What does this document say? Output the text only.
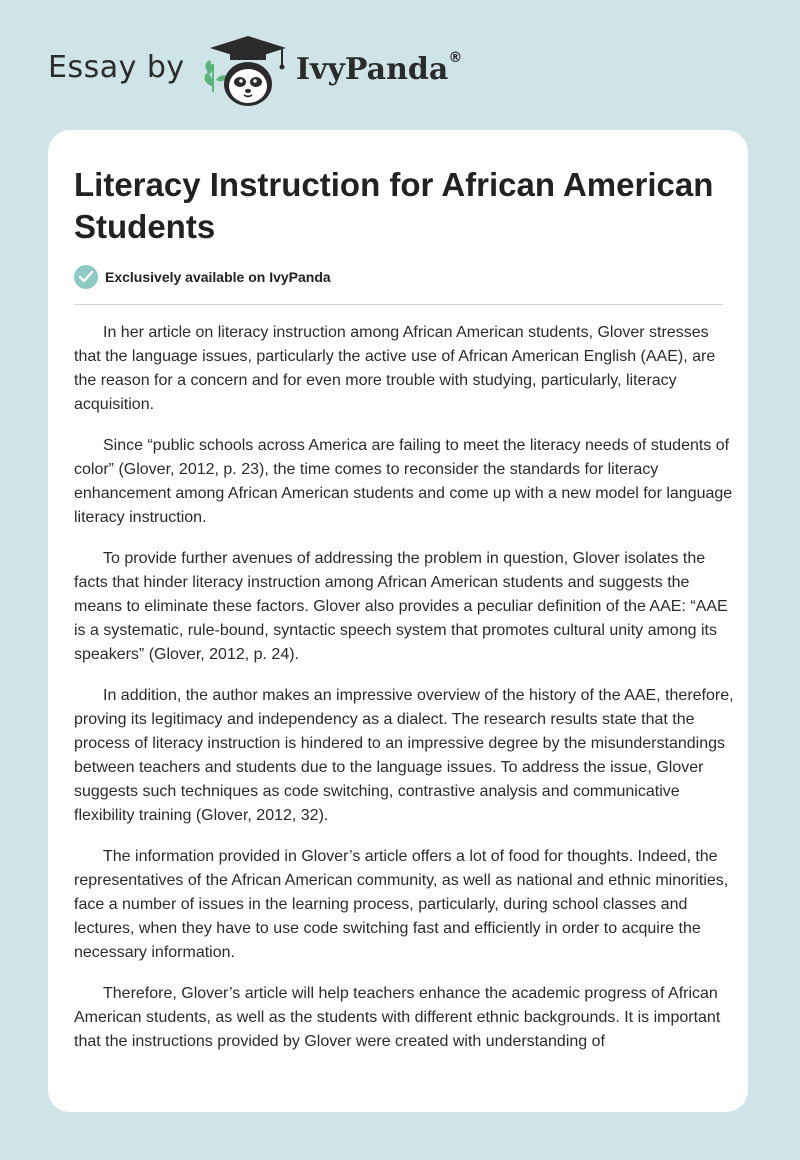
Essay by	IvyPanda®
Literacy Instruction for African American Students
Exclusively available on IvyPanda

In her article on literacy instruction among African American students, Glover stresses that the language issues, particularly the active use of African American English (AAE), are the reason for a concern and for even more trouble with studying, particularly, literacy acquisition.

Since “public schools across America are failing to meet the literacy needs of students of color” (Glover, 2012, p. 23), the time comes to reconsider the standards for literacy enhancement among African American students and come up with a new model for language literacy instruction.

To provide further avenues of addressing the problem in question, Glover isolates the facts that hinder literacy instruction among African American students and suggests the means to eliminate these factors. Glover also provides a peculiar definition of the AAE: “AAE is a systematic, rule-bound, syntactic speech system that promotes cultural unity among its speakers” (Glover, 2012, p. 24).

In addition, the author makes an impressive overview of the history of the AAE, therefore, proving its legitimacy and independency as a dialect. The research results state that the process of literacy instruction is hindered to an impressive degree by the misunderstandings between teachers and students due to the language issues. To address the issue, Glover suggests such techniques as code switching, contrastive analysis and communicative flexibility training (Glover, 2012, 32).

The information provided in Glover’s article offers a lot of food for thoughts. Indeed, the representatives of the African American community, as well as national and ethnic minorities, face a number of issues in the learning process, particularly, during school classes and lectures, when they have to use code switching fast and efficiently in order to acquire the necessary information.

Therefore, Glover’s article will help teachers enhance the academic progress of African American students, as well as the students with different ethnic backgrounds. It is important that the instructions provided by Glover were created with understanding of
